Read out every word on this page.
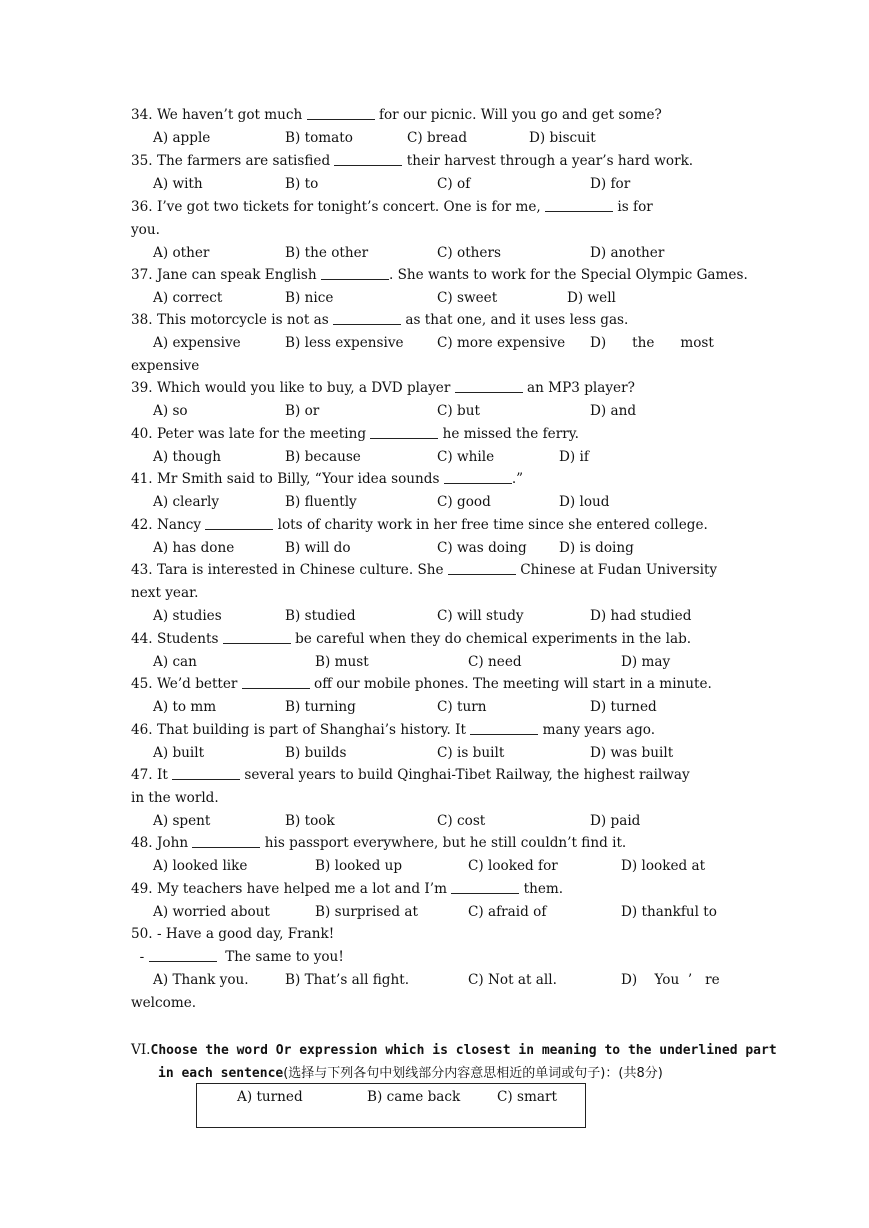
34. We haven’t got much	for our picnic. Will you go and get some?
A) apple	B) tomato	C) bread	D) biscuit
35. The farmers are satisfied	their harvest through a year’s hard work.
A) with	B) to	C) of	D) for
36. I’ve got two tickets for tonight’s concert. One is for me,	is for
you.
A) other	B) the other	C) others	D) another
37. Jane can speak English	. She wants to work for the Special Olympic Games.
A) correct	B) nice	C) sweet	D) well
38. This motorcycle is not as	as that one, and it uses less gas.
A) expensive	B) less expensive C) more expensive D)      the      most
expensive
39. Which would you like to buy, a DVD player	an MP3 player?
A) so	B) or	C) but	D) and
40. Peter was late for the meeting	he missed the ferry.
A) though	B) because	C) while	D) if
41. Mr Smith said to Billy, “Your idea sounds	.”
A) clearly	B) fluently	C) good	D) loud
42. Nancy	lots of charity work in her free time since she entered college.
A) has done	B) will do	C) was doing D) is doing
43. Tara is interested in Chinese culture. She	Chinese at Fudan University
next year.
A) studies	B) studied	C) will study	D) had studied
44. Students	be careful when they do chemical experiments in the lab.
A) can	B) must	C) need	D) may
45. We’d better	off our mobile phones. The meeting will start in a minute.
A) to mm	B) turning	C) turn	D) turned
46. That building is part of Shanghai’s history. It	many years ago.
A) built	B) builds	C) is built	D) was built
47. It	several years to build Qinghai-Tibet Railway, the highest railway
in the world.
A) spent	B) took	C) cost	D) paid
48. John	his passport everywhere, but he still couldn’t find it.
A) looked like	B) looked up	C) looked for	D) looked at
49. My teachers have helped me a lot and I’m	them.
A) worried about	B) surprised at	C) afraid of	D) thankful to
50. - Have a good day, Frank!
-	The same to you!
A) Thank you.	B) That’s all fight.	C) Not at all.	D)    You  ’   re
welcome.
VI.Choose the word Or expression which is closest in meaning to the underlined part
in each sentence(选择与下列各句中划线部分内容意思相近的单词或句子)：(共8分)
A) turned	B) came back	C) smart
